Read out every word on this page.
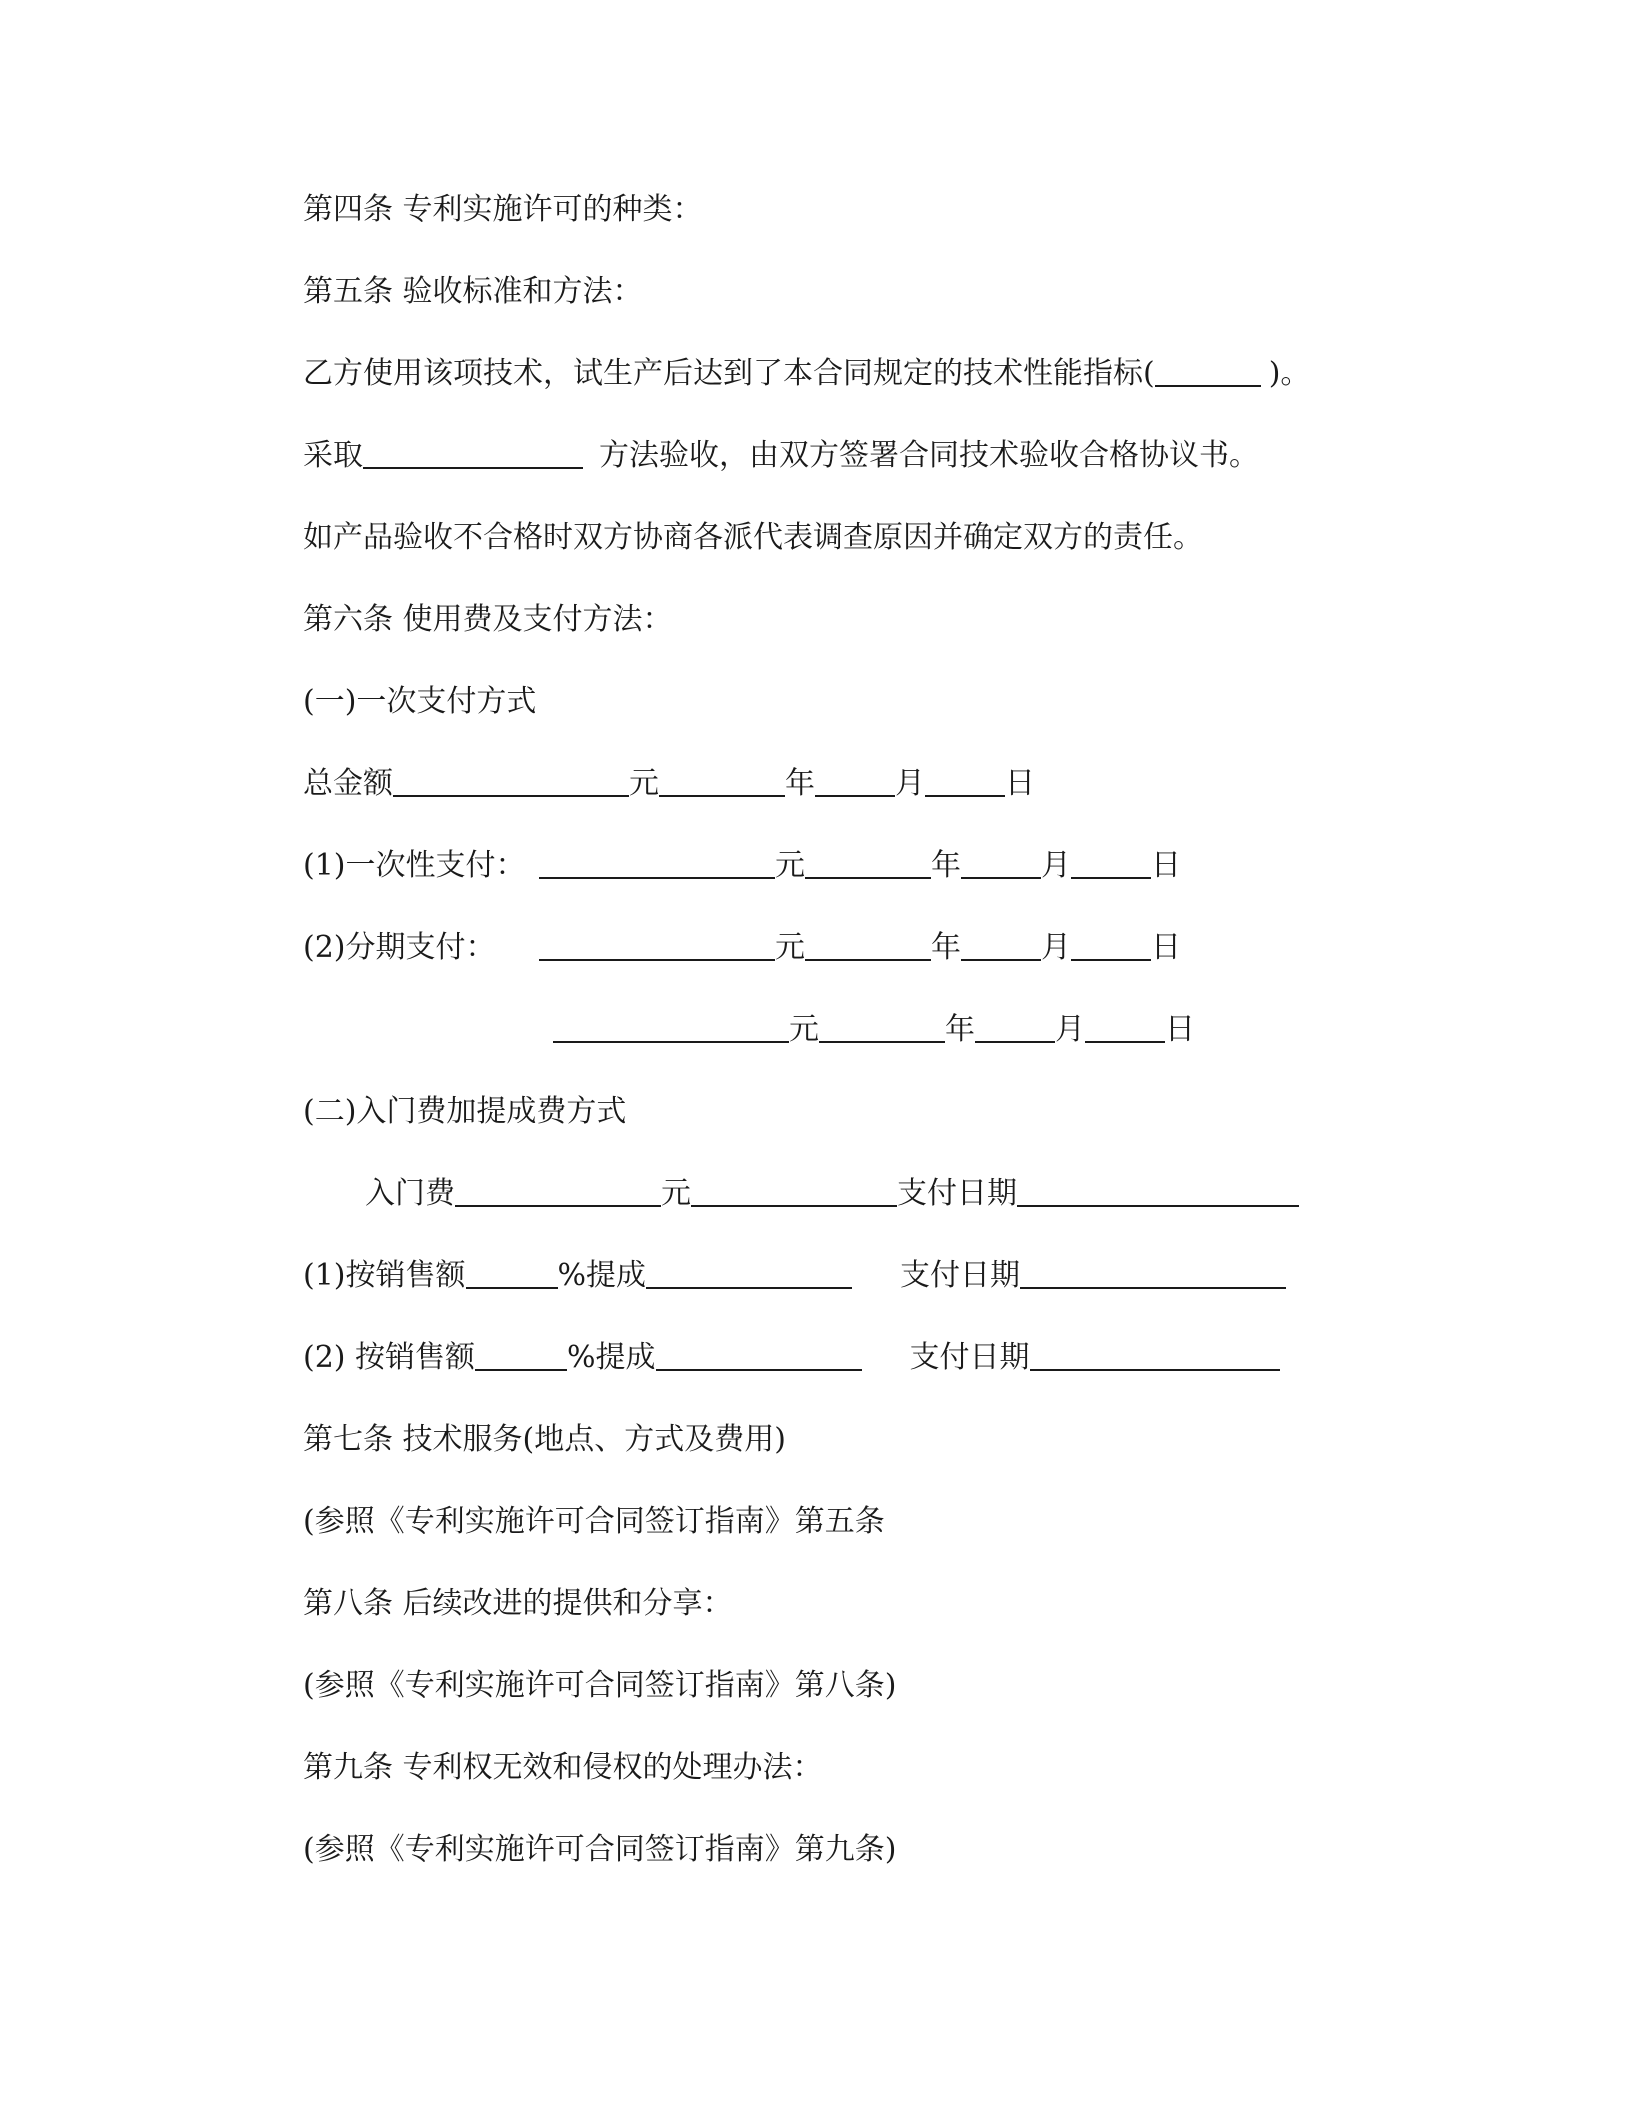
第四条 专利实施许可的种类：
第五条 验收标准和方法：
乙方使用该项技术，试生产后达到了本合同规定的技术性能指标(	)。
采取	方法验收，由双方签署合同技术验收合格协议书。
如产品验收不合格时双方协商各派代表调查原因并确定双方的责任。
第六条 使用费及支付方法：
(一)一次支付方式
总金额	元	年	月	日
(1)一次性支付：	元	年	月	日
(2)分期支付：	元	年	月	日
元	年	月	日
(二)入门费加提成费方式
入门费	元	支付日期
(1)按销售额	%提成	支付日期
(2) 按销售额	%提成	支付日期
第七条 技术服务(地点、方式及费用)
(参照《专利实施许可合同签订指南》第五条
第八条 后续改进的提供和分享：
(参照《专利实施许可合同签订指南》第八条)
第九条 专利权无效和侵权的处理办法：
(参照《专利实施许可合同签订指南》第九条)
